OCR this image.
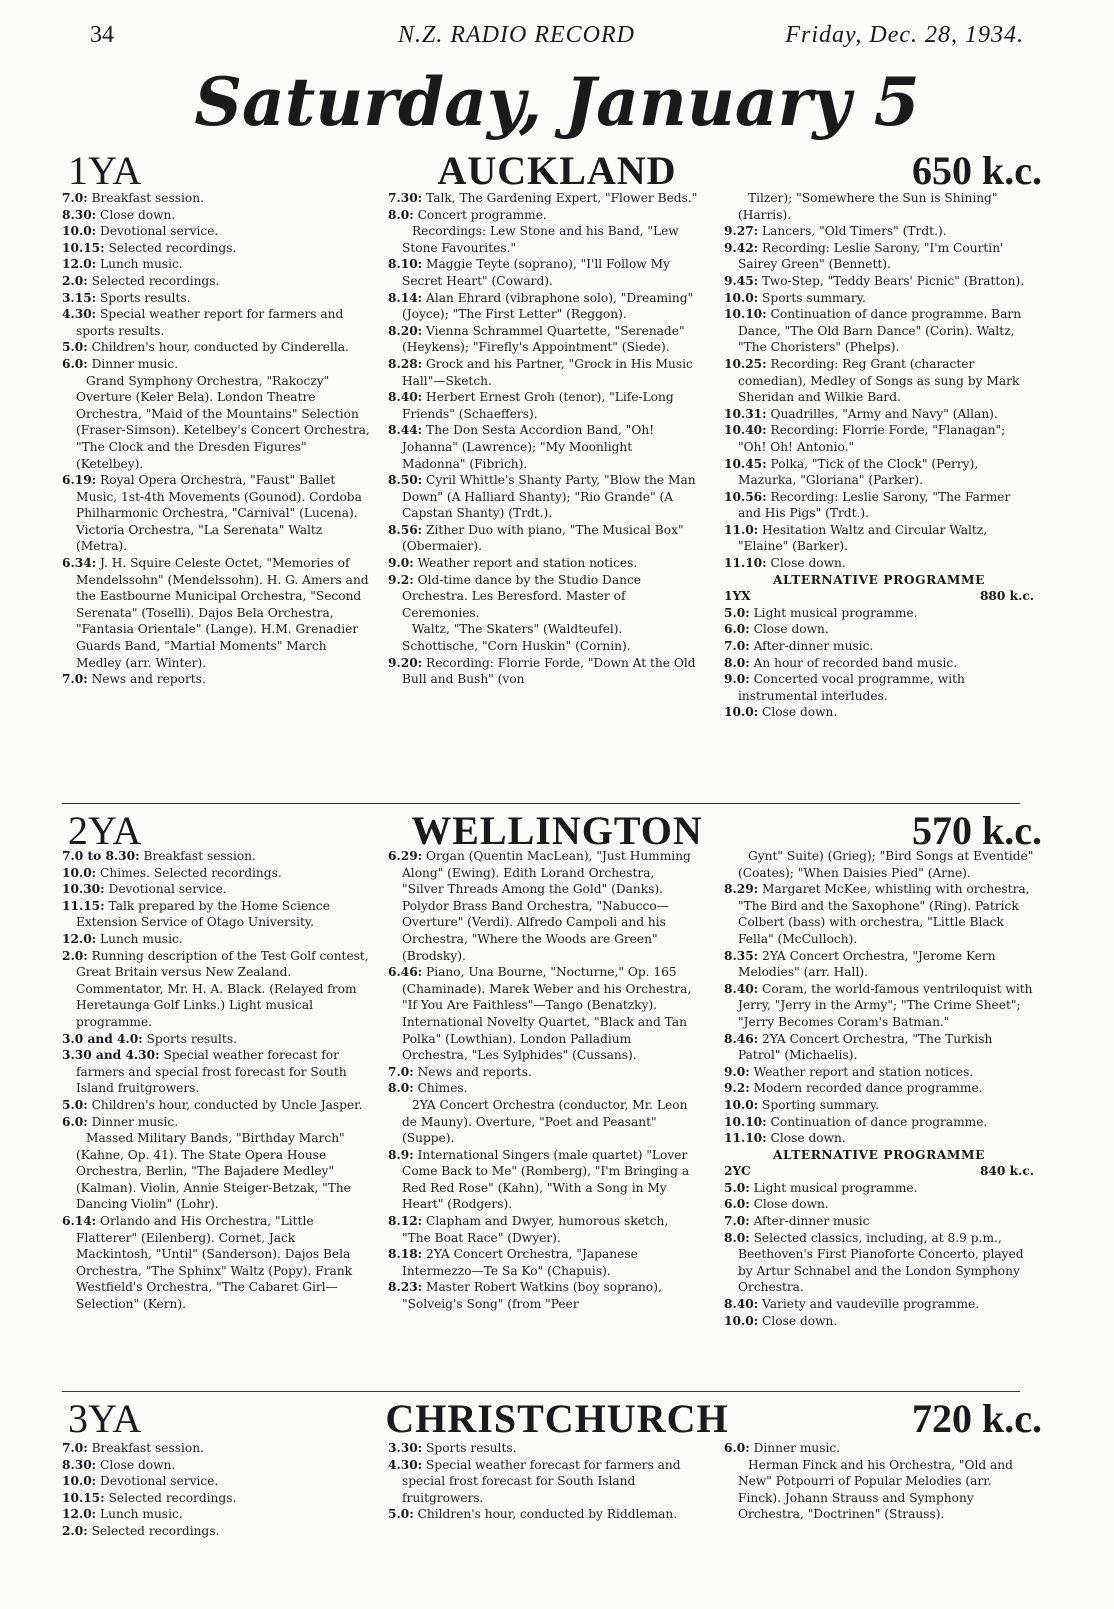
34	N.Z. RADIO RECORD	Friday, Dec. 28, 1934.
Saturday, January 5
1YA	AUCKLAND	650 k.c.

7.0: Breakfast session.

8.30: Close down.

10.0: Devotional service.

10.15: Selected recordings.

12.0: Lunch music.

2.0: Selected recordings.

3.15: Sports results.

4.30: Special weather report for farmers and sports results.

5.0: Children's hour, conducted by Cinderella.

6.0: Dinner music.

Grand Symphony Orchestra, "Rakoczy" Overture (Keler Bela). London Theatre Orchestra, "Maid of the Mountains" Selection (Fraser-Simson). Ketelbey's Concert Orchestra, "The Clock and the Dresden Figures" (Ketelbey).

6.19: Royal Opera Orchestra, "Faust" Ballet Music, 1st-4th Movements (Gounod). Cordoba Philharmonic Orchestra, "Carnival" (Lucena). Victoria Orchestra, "La Serenata" Waltz (Metra).

6.34: J. H. Squire Celeste Octet, "Memories of Mendelssohn" (Mendelssohn). H. G. Amers and the Eastbourne Municipal Orchestra, "Second Serenata" (Toselli). Dajos Bela Orchestra, "Fantasia Orientale" (Lange). H.M. Grenadier Guards Band, "Martial Moments" March Medley (arr. Winter).

7.0: News and reports.

7.30: Talk, The Gardening Expert, "Flower Beds."

8.0: Concert programme.

Recordings: Lew Stone and his Band, "Lew Stone Favourites."

8.10: Maggie Teyte (soprano), "I'll Follow My Secret Heart" (Coward).

8.14: Alan Ehrard (vibraphone solo), "Dreaming" (Joyce); "The First Letter" (Reggon).

8.20: Vienna Schrammel Quartette, "Serenade" (Heykens); "Firefly's Appointment" (Siede).

8.28: Grock and his Partner, "Grock in His Music Hall"—Sketch.

8.40: Herbert Ernest Groh (tenor), "Life-Long Friends" (Schaeffers).

8.44: The Don Sesta Accordion Band, "Oh! Johanna" (Lawrence); "My Moonlight Madonna" (Fibrich).

8.50: Cyril Whittle's Shanty Party, "Blow the Man Down" (A Halliard Shanty); "Rio Grande" (A Capstan Shanty) (Trdt.).

8.56: Zither Duo with piano, "The Musical Box" (Obermaier).

9.0: Weather report and station notices.

9.2: Old-time dance by the Studio Dance Orchestra. Les Beresford. Master of Ceremonies.

Waltz, "The Skaters" (Waldteufel). Schottische, "Corn Huskin" (Cornin).

9.20: Recording: Florrie Forde, "Down At the Old Bull and Bush" (von

Tilzer); "Somewhere the Sun is Shining" (Harris).

9.27: Lancers, "Old Timers" (Trdt.).

9.42: Recording: Leslie Sarony, "I'm Courtin' Sairey Green" (Bennett).

9.45: Two-Step, "Teddy Bears' Picnic" (Bratton).

10.0: Sports summary.

10.10: Continuation of dance programme. Barn Dance, "The Old Barn Dance" (Corin). Waltz, "The Choristers" (Phelps).

10.25: Recording: Reg Grant (character comedian), Medley of Songs as sung by Mark Sheridan and Wilkie Bard.

10.31: Quadrilles, "Army and Navy" (Allan).

10.40: Recording: Florrie Forde, "Flanagan"; "Oh! Oh! Antonio."

10.45: Polka, "Tick of the Clock" (Perry), Mazurka, "Gloriana" (Parker).

10.56: Recording: Leslie Sarony, "The Farmer and His Pigs" (Trdt.).

11.0: Hesitation Waltz and Circular Waltz, "Elaine" (Barker).

11.10: Close down.

ALTERNATIVE PROGRAMME

1YX	880 k.c.

5.0: Light musical programme.

6.0: Close down.

7.0: After-dinner music.

8.0: An hour of recorded band music.

9.0: Concerted vocal programme, with instrumental interludes.

10.0: Close down.

2YA	WELLINGTON	570 k.c.

7.0 to 8.30: Breakfast session.

10.0: Chimes. Selected recordings.

10.30: Devotional service.

11.15: Talk prepared by the Home Science Extension Service of Otago University.

12.0: Lunch music.

2.0: Running description of the Test Golf contest, Great Britain versus New Zealand. Commentator, Mr. H. A. Black. (Relayed from Heretaunga Golf Links.) Light musical programme.

3.0 and 4.0: Sports results.

3.30 and 4.30: Special weather forecast for farmers and special frost forecast for South Island fruitgrowers.

5.0: Children's hour, conducted by Uncle Jasper.

6.0: Dinner music.

Massed Military Bands, "Birthday March" (Kahne, Op. 41). The State Opera House Orchestra, Berlin, "The Bajadere Medley" (Kalman). Violin, Annie Steiger-Betzak, "The Dancing Violin" (Lohr).

6.14: Orlando and His Orchestra, "Little Flatterer" (Eilenberg). Cornet, Jack Mackintosh, "Until" (Sanderson). Dajos Bela Orchestra, "The Sphinx" Waltz (Popy). Frank Westfield's Orchestra, "The Cabaret Girl—Selection" (Kern).

6.29: Organ (Quentin MacLean), "Just Humming Along" (Ewing). Edith Lorand Orchestra, "Silver Threads Among the Gold" (Danks). Polydor Brass Band Orchestra, "Nabucco—Overture" (Verdi). Alfredo Campoli and his Orchestra, "Where the Woods are Green" (Brodsky).

6.46: Piano, Una Bourne, "Nocturne," Op. 165 (Chaminade). Marek Weber and his Orchestra, "If You Are Faithless"—Tango (Benatzky). International Novelty Quartet, "Black and Tan Polka" (Lowthian). London Palladium Orchestra, "Les Sylphides" (Cussans).

7.0: News and reports.

8.0: Chimes.

2YA Concert Orchestra (conductor, Mr. Leon de Mauny). Overture, "Poet and Peasant" (Suppe).

8.9: International Singers (male quartet) "Lover Come Back to Me" (Romberg), "I'm Bringing a Red Red Rose" (Kahn), "With a Song in My Heart" (Rodgers).

8.12: Clapham and Dwyer, humorous sketch, "The Boat Race" (Dwyer).

8.18: 2YA Concert Orchestra, "Japanese Intermezzo—Te Sa Ko" (Chapuis).

8.23: Master Robert Watkins (boy soprano), "Solveig's Song" (from "Peer

Gynt" Suite) (Grieg); "Bird Songs at Eventide" (Coates); "When Daisies Pied" (Arne).

8.29: Margaret McKee, whistling with orchestra, "The Bird and the Saxophone" (Ring). Patrick Colbert (bass) with orchestra, "Little Black Fella" (McCulloch).

8.35: 2YA Concert Orchestra, "Jerome Kern Melodies" (arr. Hall).

8.40: Coram, the world-famous ventriloquist with Jerry, "Jerry in the Army"; "The Crime Sheet"; "Jerry Becomes Coram's Batman."

8.46: 2YA Concert Orchestra, "The Turkish Patrol" (Michaelis).

9.0: Weather report and station notices.

9.2: Modern recorded dance programme.

10.0: Sporting summary.

10.10: Continuation of dance programme.

11.10: Close down.

ALTERNATIVE PROGRAMME

2YC	840 k.c.

5.0: Light musical programme.

6.0: Close down.

7.0: After-dinner music

8.0: Selected classics, including, at 8.9 p.m., Beethoven's First Pianoforte Concerto, played by Artur Schnabel and the London Symphony Orchestra.

8.40: Variety and vaudeville programme.

10.0: Close down.

3YA	CHRISTCHURCH	720 k.c.

7.0: Breakfast session.

8.30: Close down.

10.0: Devotional service.

10.15: Selected recordings.

12.0: Lunch music.

2.0: Selected recordings.

3.30: Sports results.

4.30: Special weather forecast for farmers and special frost forecast for South Island fruitgrowers.

5.0: Children's hour, conducted by Riddleman.

6.0: Dinner music.

Herman Finck and his Orchestra, "Old and New" Potpourri of Popular Melodies (arr. Finck). Johann Strauss and Symphony Orchestra, "Doctrinen" (Strauss).
